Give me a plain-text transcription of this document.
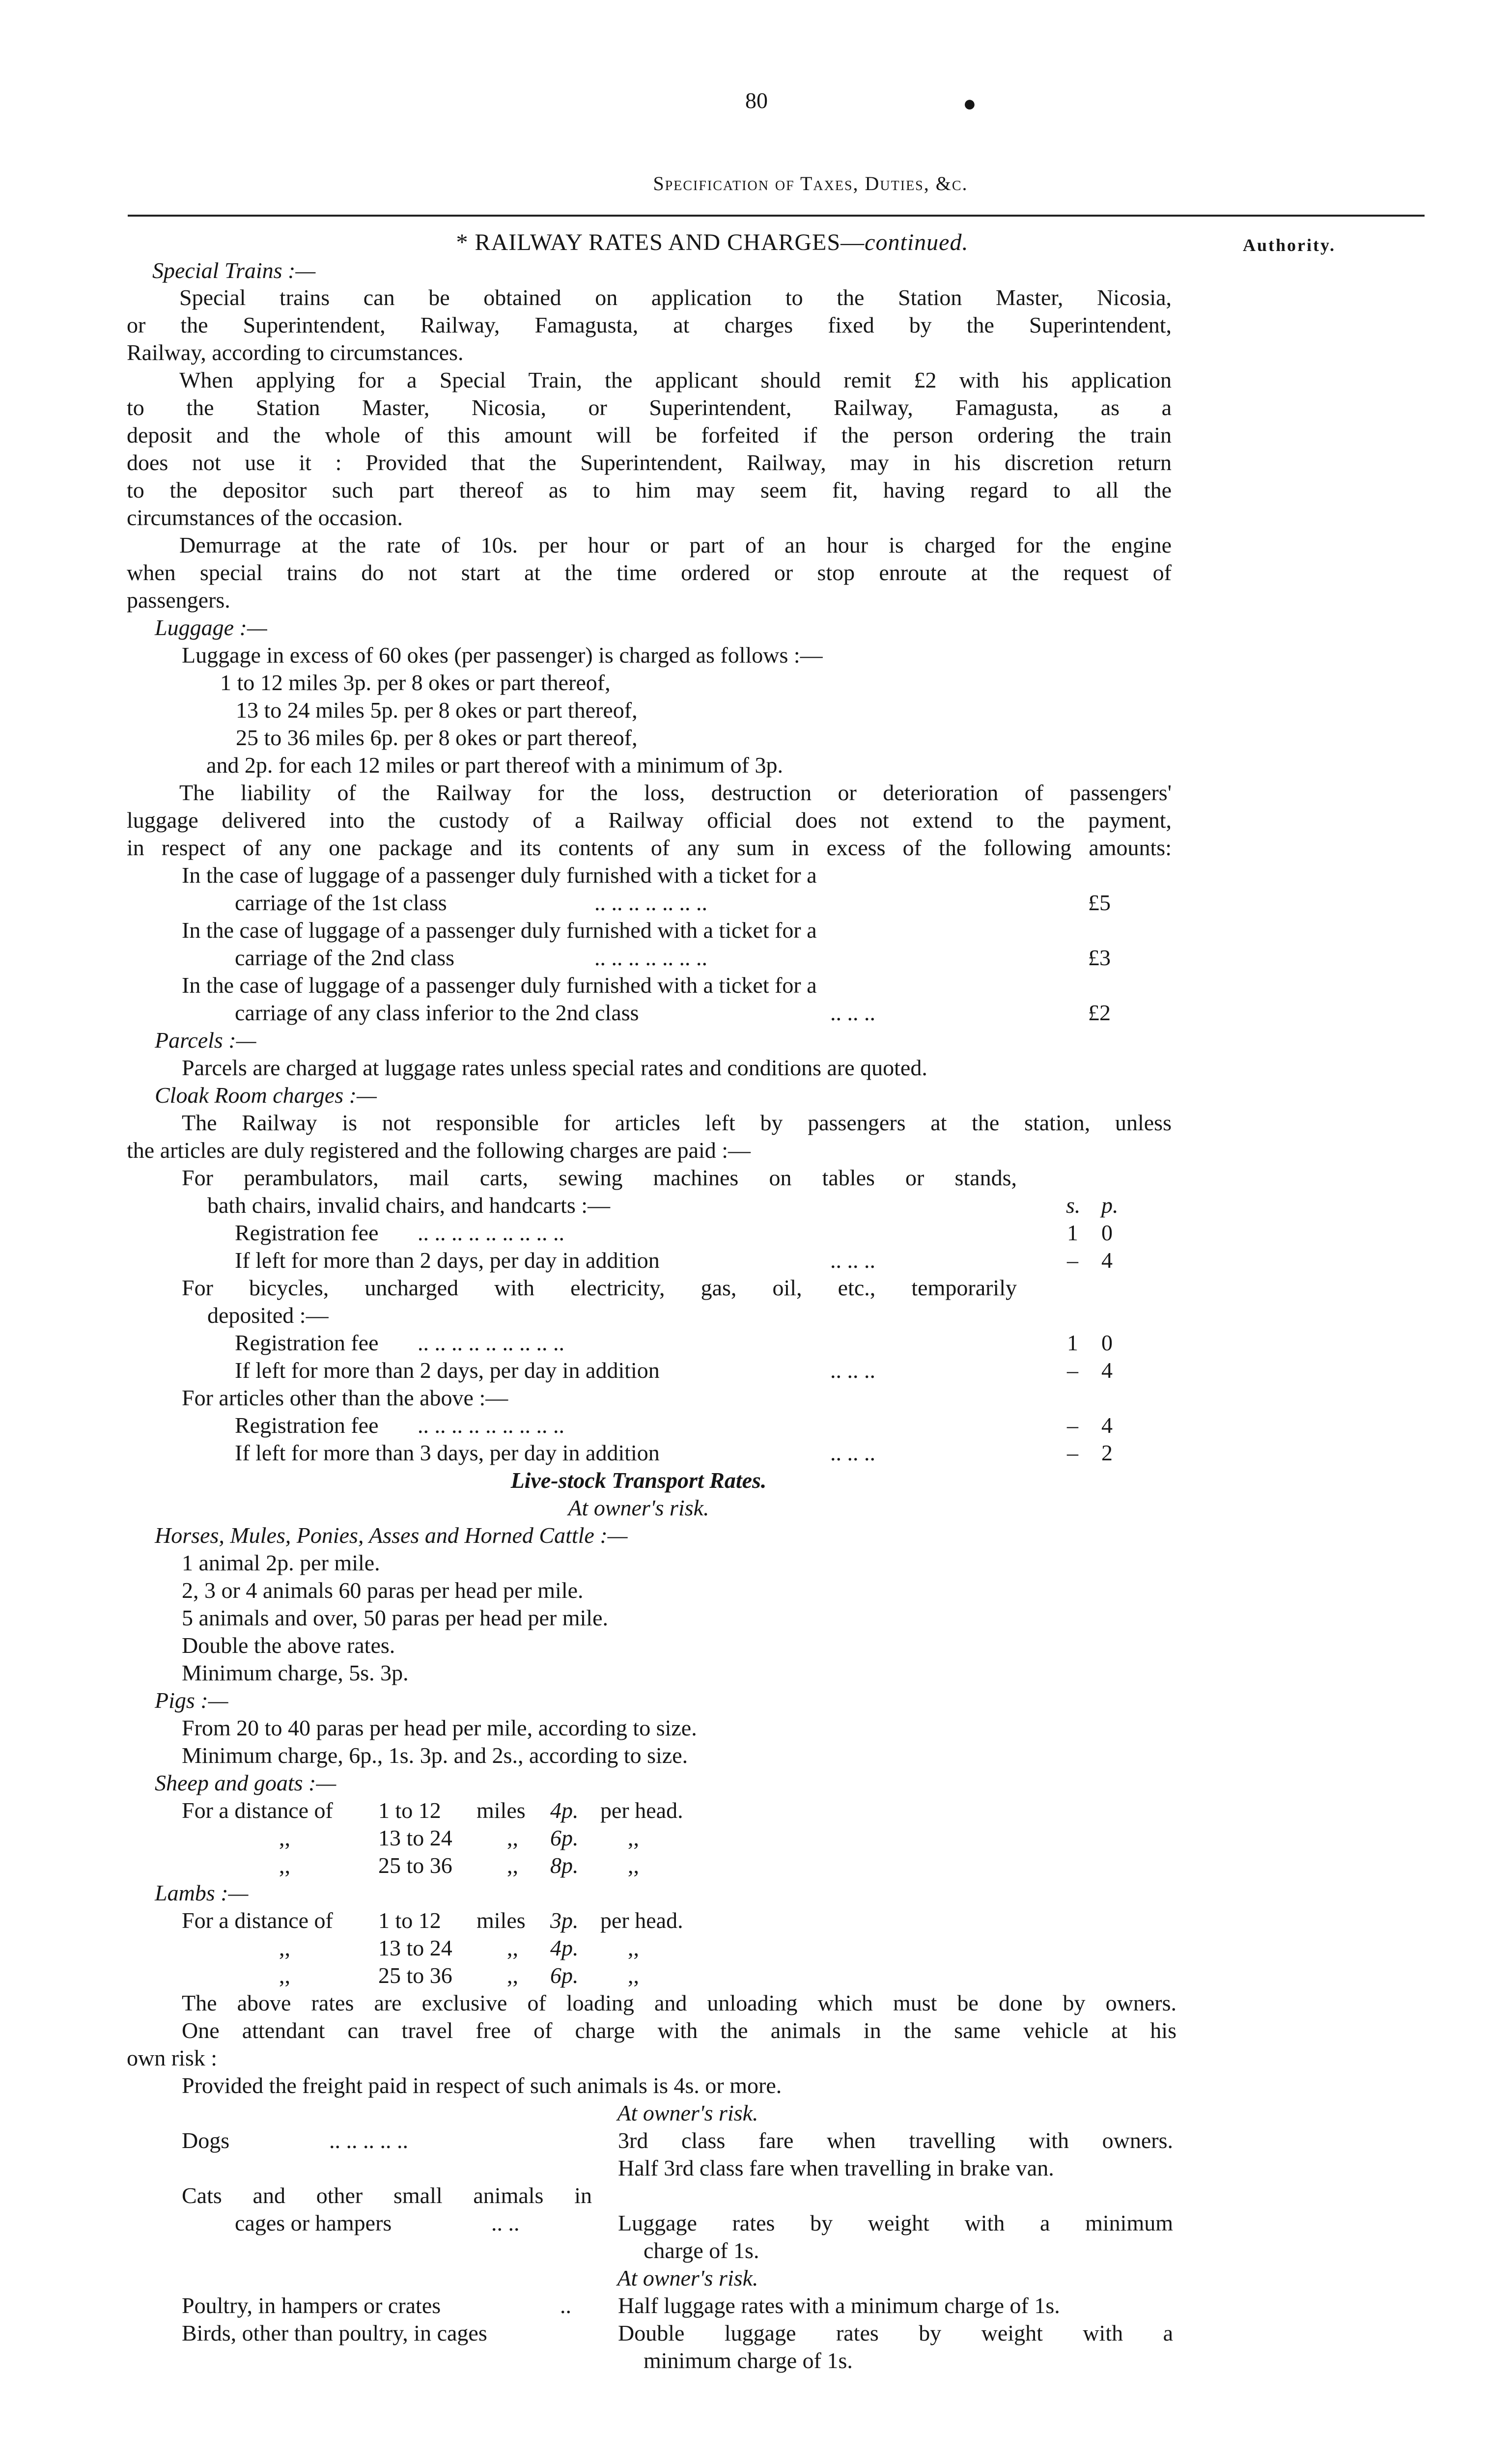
80	●
Specification of Taxes, Duties, &c.
* RAILWAY RATES AND CHARGES—continued.	Authority.
Special Trains :—
Special trains can be obtained on application to the Station Master, Nicosia,
or the Superintendent, Railway, Famagusta, at charges fixed by the Superintendent,
Railway, according to circumstances.
When applying for a Special Train, the applicant should remit £2 with his application
to the Station Master, Nicosia, or Superintendent, Railway, Famagusta, as a
deposit and the whole of this amount will be forfeited if the person ordering the train
does not use it : Provided that the Superintendent, Railway, may in his discretion return
to the depositor such part thereof as to him may seem fit, having regard to all the
circumstances of the occasion.
Demurrage at the rate of 10s. per hour or part of an hour is charged for the engine
when special trains do not start at the time ordered or stop enroute at the request of
passengers.
Luggage :—
Luggage in excess of 60 okes (per passenger) is charged as follows :—
1 to 12 miles 3p. per 8 okes or part thereof,
13 to 24 miles 5p. per 8 okes or part thereof,
25 to 36 miles 6p. per 8 okes or part thereof,
and 2p. for each 12 miles or part thereof with a minimum of 3p.
The liability of the Railway for the loss, destruction or deterioration of passengers'
luggage delivered into the custody of a Railway official does not extend to the payment,
in respect of any one package and its contents of any sum in excess of the following amounts:
In the case of luggage of a passenger duly furnished with a ticket for a
carriage of the 1st class	.. .. .. .. .. .. ..	£5
In the case of luggage of a passenger duly furnished with a ticket for a
carriage of the 2nd class	.. .. .. .. .. .. ..	£3
In the case of luggage of a passenger duly furnished with a ticket for a
carriage of any class inferior to the 2nd class	.. .. ..	£2
Parcels :—
Parcels are charged at luggage rates unless special rates and conditions are quoted.
Cloak Room charges :—
The Railway is not responsible for articles left by passengers at the station, unless
the articles are duly registered and the following charges are paid :—
For perambulators, mail carts, sewing machines on tables or stands,
bath chairs, invalid chairs, and handcarts :—	s. p.
Registration fee .. .. .. .. .. .. .. .. ..	1 0
If left for more than 2 days, per day in addition	.. .. ..	– 4
For bicycles, uncharged with electricity, gas, oil, etc., temporarily
deposited :—
Registration fee .. .. .. .. .. .. .. .. ..	1 0
If left for more than 2 days, per day in addition	.. .. ..	– 4
For articles other than the above :—
Registration fee .. .. .. .. .. .. .. .. ..	– 4
If left for more than 3 days, per day in addition	.. .. ..	– 2
Live-stock Transport Rates.
At owner's risk.
Horses, Mules, Ponies, Asses and Horned Cattle :—
1 animal 2p. per mile.
2, 3 or 4 animals 60 paras per head per mile.
5 animals and over, 50 paras per head per mile.
Double the above rates.
Minimum charge, 5s. 3p.
Pigs :—
From 20 to 40 paras per head per mile, according to size.
Minimum charge, 6p., 1s. 3p. and 2s., according to size.
Sheep and goats :—
For a distance of 1 to 12 miles 4p. per head.
,,	13 to 24 ,, 6p. ,,
,,	25 to 36 ,, 8p. ,,
Lambs :—
For a distance of 1 to 12 miles 3p. per head.
,,	13 to 24 ,, 4p. ,,
,,	25 to 36 ,, 6p. ,,
The above rates are exclusive of loading and unloading which must be done by owners.
One attendant can travel free of charge with the animals in the same vehicle at his
own risk :
Provided the freight paid in respect of such animals is 4s. or more.
At owner's risk.
Dogs	.. .. .. .. ..	3rd class fare when travelling with owners.
Half 3rd class fare when travelling in brake van.
Cats and other small animals in
cages or hampers	.. ..	Luggage rates by weight with a minimum
charge of 1s.
At owner's risk.
Poultry, in hampers or crates	.. Half luggage rates with a minimum charge of 1s.
Birds, other than poultry, in cages	Double luggage rates by weight with a
minimum charge of 1s.
